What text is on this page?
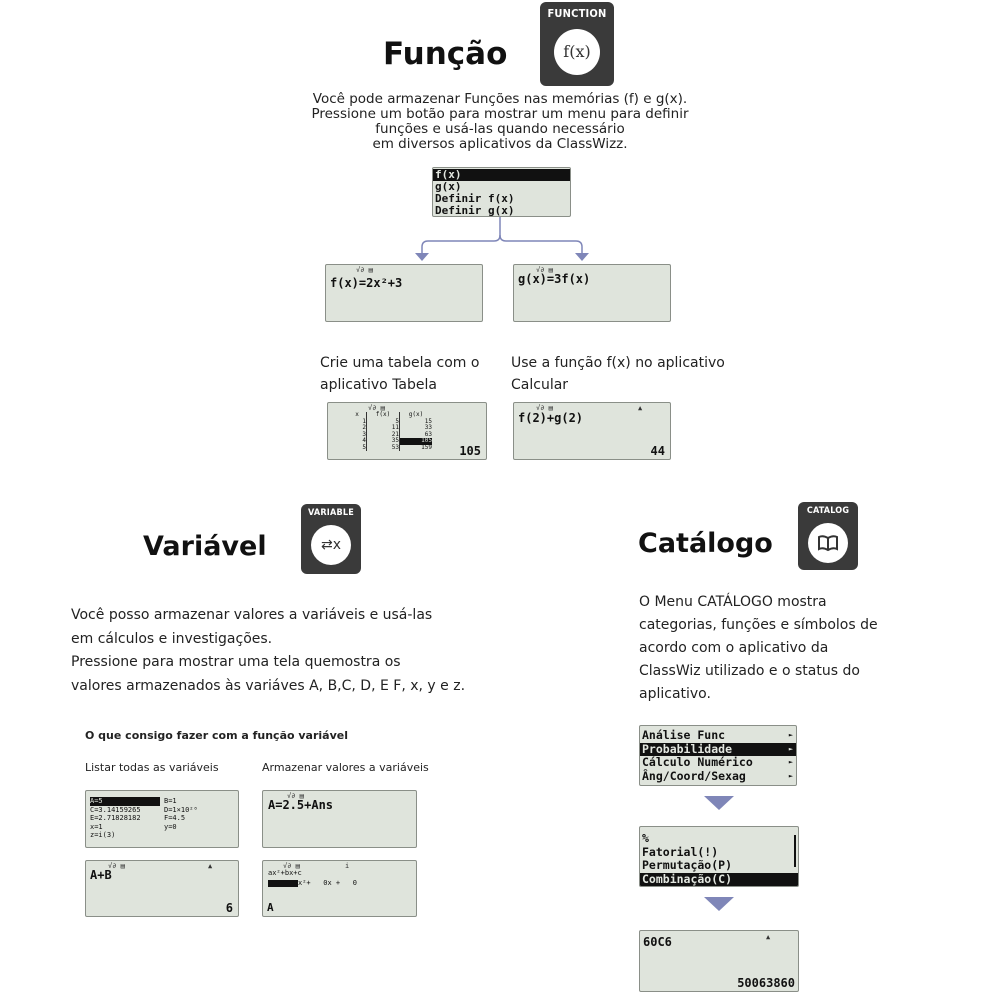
Função
FUNCTION
f(x)
Você pode armazenar Funções nas memórias (f) e g(x).
Pressione um botão para mostrar um menu para definir
funções e usá-las quando necessário
em diversos aplicativos da ClassWizz.
f(x)
g(x)
Definir f(x)
Definir g(x)
√∂ ▤
f(x)=2x²+3
√∂ ▤
g(x)=3f(x)
Crie uma tabela com o
aplicativo Tabela
Use a função f(x) no aplicativo
Calcular
√∂ ▤
x	f(x)	g(x)
1	5	15
2	11	33
3	21	63
4	35	105
5	53	159 105
√∂ ▤	▲
f(2)+g(2)
44
Variável
VARIABLE
⇄x
Você posso armazenar valores a variáveis e usá-las
em cálculos e investigações.
Pressione para mostrar uma tela quemostra os
valores armazenados às variáves A, B,C, D, E F, x, y e z.
O que consigo fazer com a função variável
Listar todas as variáveis	Armazenar valores a variáveis
A=5	B=1
C=3.14159265	D=1×10²⁰
E=2.71828182	F=4.5
x=1	y=0
z=i(3)
√∂ ▤
A=2.5+Ans
√∂ ▤	▲
A+B
6
√∂ ▤	i
ax²+bx+c
x²+   0x +   0
A
Catálogo
CATALOG
O Menu CATÁLOGO mostra
categorias, funções e símbolos de
acordo com o aplicativo da
ClassWiz utilizado e o status do
aplicativo.
Análise Func	►
Probabilidade	►
Cálculo Numérico	►
Âng/Coord/Sexag	►
%
Fatorial(!)
Permutação(P)
Combinação(C)
▲
60C6
50063860
